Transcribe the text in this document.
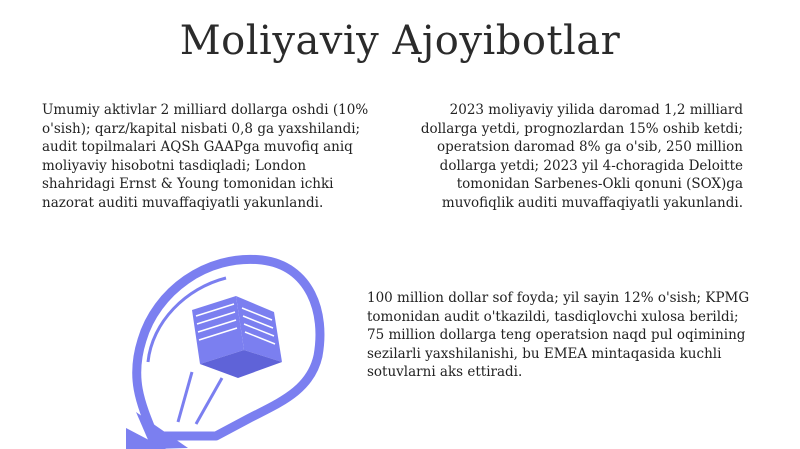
Moliyaviy Ajoyibotlar

Umumiy aktivlar 2 milliard dollarga oshdi (10% o'sish); qarz/kapital nisbati 0,8 ga yaxshilandi; audit topilmalari AQSh GAAPga muvofiq aniq moliyaviy hisobotni tasdiqladi; London shahridagi Ernst & Young tomonidan ichki nazorat auditi muvaffaqiyatli yakunlandi.

2023 moliyaviy yilida daromad 1,2 milliard dollarga yetdi, prognozlardan 15% oshib ketdi; operatsion daromad 8% ga o'sib, 250 million dollarga yetdi; 2023 yil 4-choragida Deloitte tomonidan Sarbenes-Okli qonuni (SOX)ga muvofiqlik auditi muvaffaqiyatli yakunlandi.

100 million dollar sof foyda; yil sayin 12% o'sish; KPMG tomonidan audit o'tkazildi, tasdiqlovchi xulosa berildi; 75 million dollarga teng operatsion naqd pul oqimining sezilarli yaxshilanishi, bu EMEA mintaqasida kuchli sotuvlarni aks ettiradi.
